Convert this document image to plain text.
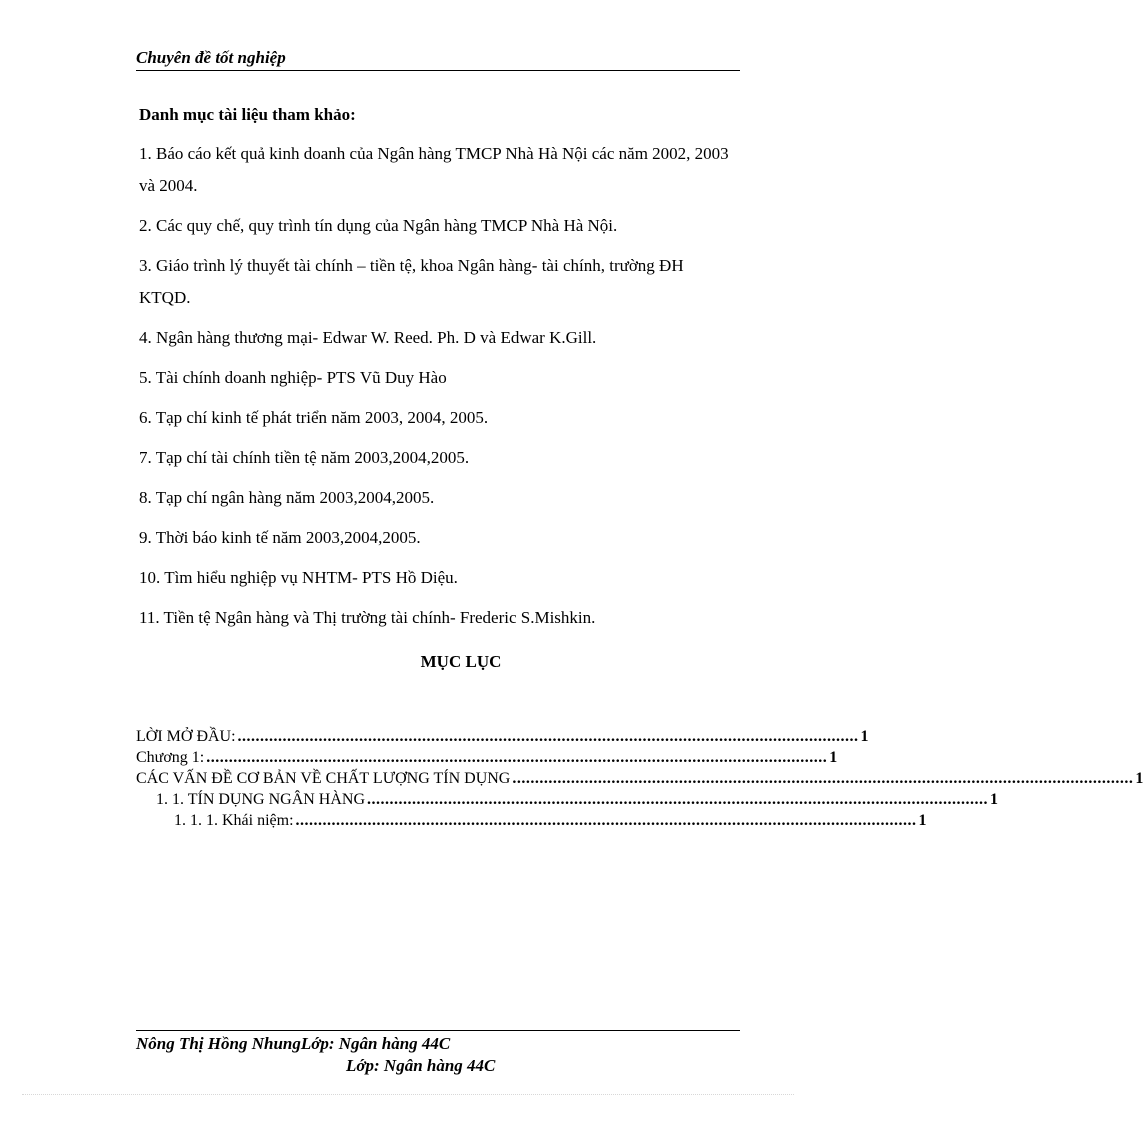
Chuyên đề tốt nghiệp
Danh mục tài liệu tham khảo:
1. Báo cáo kết quả kinh doanh của Ngân hàng TMCP Nhà Hà Nội các năm 2002, 2003 và 2004.
2. Các quy chế, quy trình tín dụng của Ngân hàng TMCP Nhà Hà Nội.
3. Giáo trình lý thuyết tài chính – tiền tệ, khoa Ngân hàng- tài chính, trường ĐH KTQD.
4. Ngân hàng thương mại- Edwar W. Reed. Ph. D và Edwar K.Gill.
5. Tài chính doanh nghiệp- PTS Vũ Duy Hào
6. Tạp chí kinh tế phát triển năm 2003, 2004, 2005.
7. Tạp chí tài chính tiền tệ năm 2003,2004,2005.
8. Tạp chí ngân hàng năm 2003,2004,2005.
9. Thời báo kinh tế năm 2003,2004,2005.
10. Tìm hiểu nghiệp vụ NHTM- PTS Hồ Diệu.
11. Tiền tệ Ngân hàng và Thị trường tài chính- Frederic S.Mishkin.
MỤC LỤC
LỜI MỞ ĐẦU: .......................................................................................................................................... 1
Chương 1: .......................................................................................................................................... 1
CÁC VẤN ĐỀ CƠ BẢN VỀ CHẤT LƯỢNG TÍN DỤNG .......................................................................................................................................... 1
1. 1. TÍN DỤNG NGÂN HÀNG .......................................................................................................................................... 1
1. 1. 1. Khái niệm: .......................................................................................................................................... 1
Nông Thị Hồng NhungLớp: Ngân hàng 44C
Lớp: Ngân hàng 44C
